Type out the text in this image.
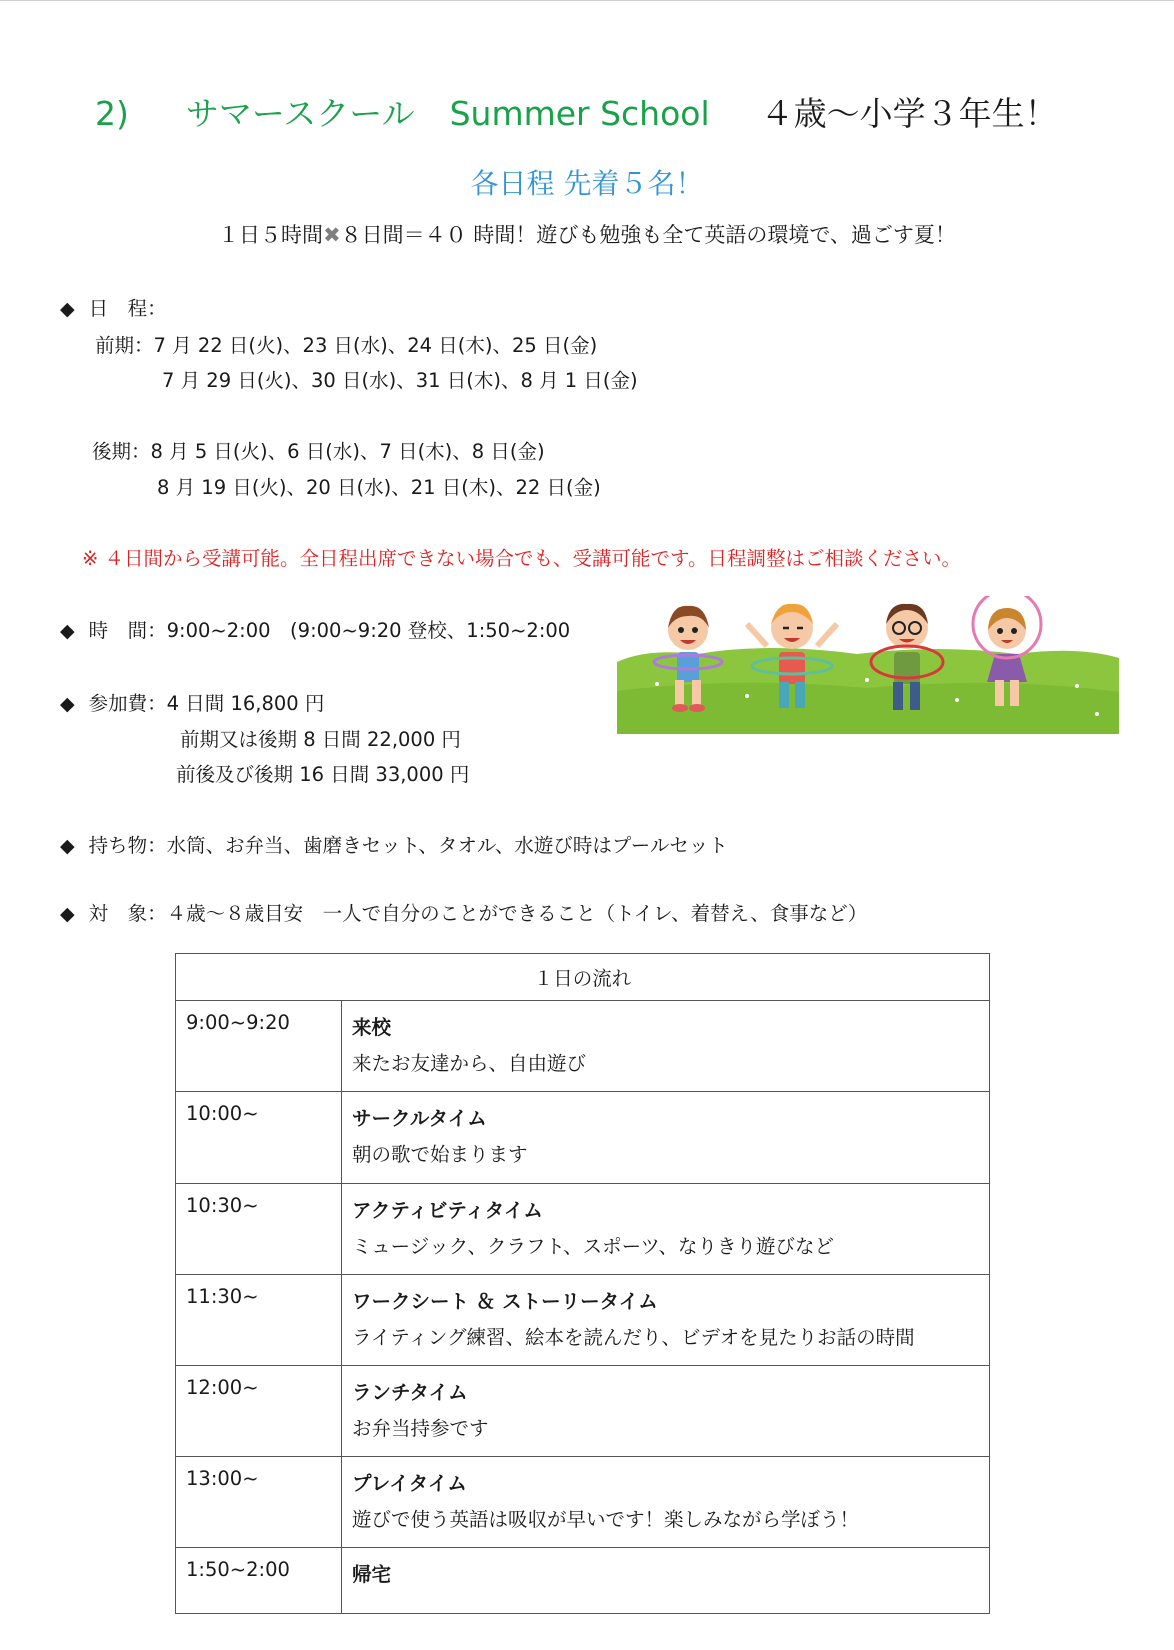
2) サマースクール Summer School ４歳〜小学３年生！
各日程 先着５名！
１日５時間✖８日間＝４０ 時間！遊びも勉強も全て英語の環境で、過ごす夏！
◆ 日　程：
前期：7 月 22 日(火)、23 日(水)、24 日(木)、25 日(金)
7 月 29 日(火)、30 日(水)、31 日(木)、8 月 1 日(金)
後期：8 月 5 日(火)、6 日(水)、7 日(木)、8 日(金)
8 月 19 日(火)、20 日(水)、21 日(木)、22 日(金)
※ ４日間から受講可能。全日程出席できない場合でも、受講可能です。日程調整はご相談ください。
◆ 時　間：9:00~2:00　(9:00~9:20 登校、1:50~2:00
◆ 参加費：4 日間 16,800 円
前期又は後期 8 日間 22,000 円
前後及び後期 16 日間 33,000 円
◆ 持ち物：水筒、お弁当、歯磨きセット、タオル、水遊び時はプールセット
◆ 対　象：４歳〜８歳目安　一人で自分のことができること（トイレ、着替え、食事など）
１日の流れ	
9:00~9:20	来校
来たお友達から、自由遊び
10:00~	サークルタイム
朝の歌で始まります
10:30~	アクティビティタイム
ミュージック、クラフト、スポーツ、なりきり遊びなど
11:30~	ワークシート ＆ ストーリータイム
ライティング練習、絵本を読んだり、ビデオを見たりお話の時間
12:00~	ランチタイム
お弁当持参です
13:00~	プレイタイム
遊びで使う英語は吸収が早いです！楽しみながら学ぼう！
1:50~2:00	帰宅
